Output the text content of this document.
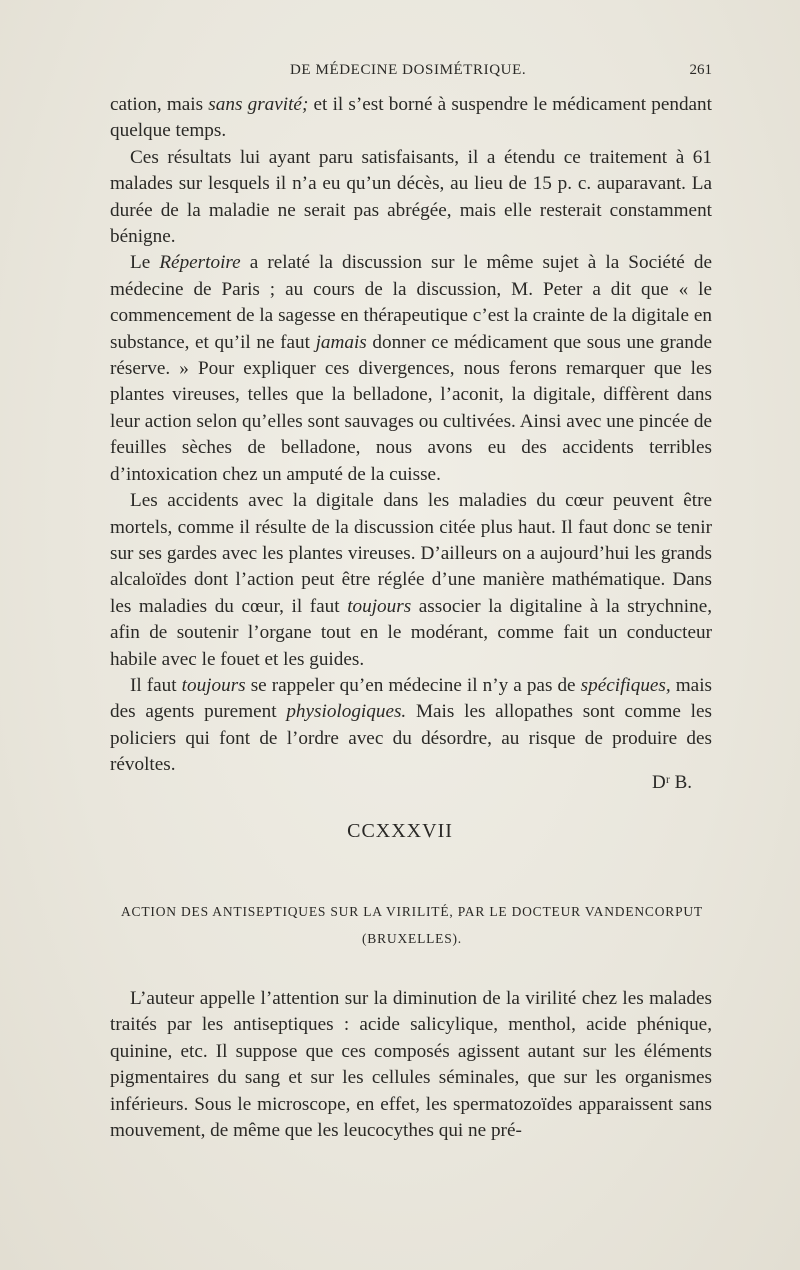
DE MÉDECINE DOSIMÉTRIQUE.	261

cation, mais sans gravité; et il s’est borné à suspendre le médicament pendant quelque temps.

Ces résultats lui ayant paru satisfaisants, il a étendu ce traitement à 61 malades sur lesquels il n’a eu qu’un décès, au lieu de 15 p. c. auparavant. La durée de la maladie ne serait pas abrégée, mais elle resterait constamment bénigne.

Le Répertoire a relaté la discussion sur le même sujet à la Société de médecine de Paris ; au cours de la discussion, M. Peter a dit que « le commencement de la sagesse en thérapeutique c’est la crainte de la digitale en substance, et qu’il ne faut jamais donner ce médicament que sous une grande réserve. » Pour expliquer ces divergences, nous ferons remarquer que les plantes vireuses, telles que la belladone, l’aconit, la digitale, diffèrent dans leur action selon qu’elles sont sauvages ou cultivées. Ainsi avec une pincée de feuilles sèches de belladone, nous avons eu des accidents terribles d’intoxication chez un amputé de la cuisse.

Les accidents avec la digitale dans les maladies du cœur peuvent être mortels, comme il résulte de la discussion citée plus haut. Il faut donc se tenir sur ses gardes avec les plantes vireuses. D’ailleurs on a aujourd’hui les grands alcaloïdes dont l’action peut être réglée d’une manière mathématique. Dans les maladies du cœur, il faut toujours associer la digitaline à la strychnine, afin de soutenir l’organe tout en le modérant, comme fait un conducteur habile avec le fouet et les guides.

Il faut toujours se rappeler qu’en médecine il n’y a pas de spécifiques, mais des agents purement physiologiques. Mais les allopathes sont comme les policiers qui font de l’ordre avec du désordre, au risque de produire des révoltes.

Dʳ B.
CCXXXVII
ACTION DES ANTISEPTIQUES SUR LA VIRILITÉ, PAR LE DOCTEUR VANDENCORPUT
(BRUXELLES).

L’auteur appelle l’attention sur la diminution de la virilité chez les malades traités par les antiseptiques : acide salicylique, menthol, acide phénique, quinine, etc. Il suppose que ces composés agissent autant sur les éléments pigmentaires du sang et sur les cellules séminales, que sur les organismes inférieurs. Sous le microscope, en effet, les spermatozoïdes apparaissent sans mouvement, de même que les leucocythes qui ne pré-
